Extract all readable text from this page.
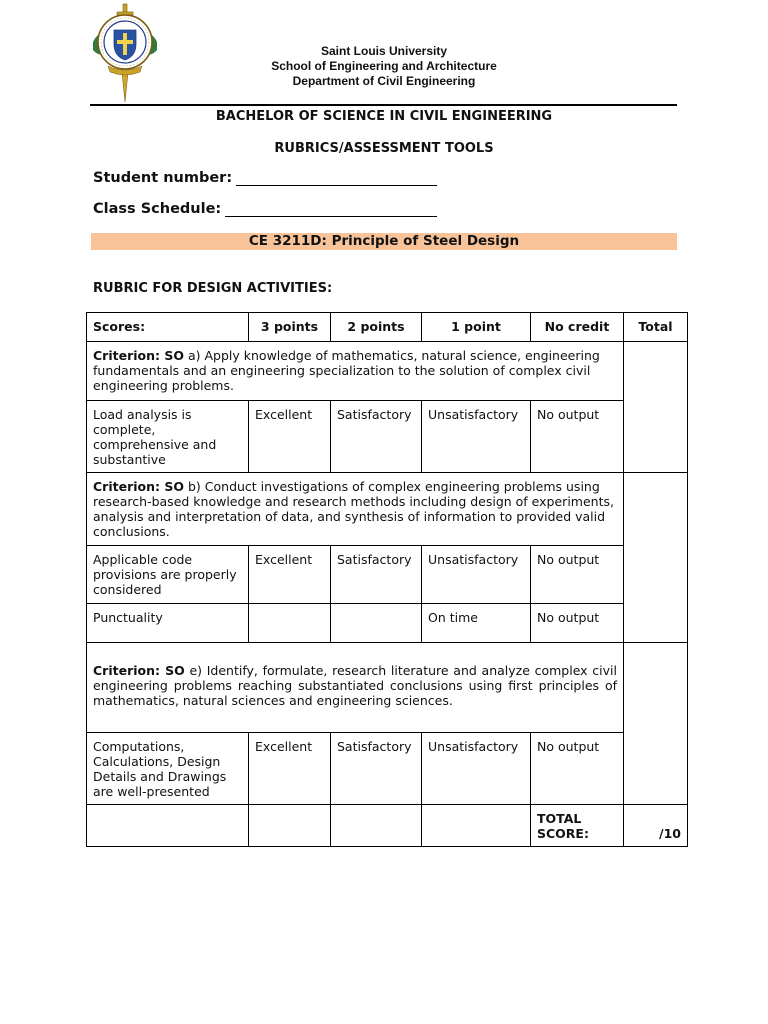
Saint Louis University
School of Engineering and Architecture
Department of Civil Engineering
BACHELOR OF SCIENCE IN CIVIL ENGINEERING
RUBRICS/ASSESSMENT TOOLS
Student number:
Class Schedule:
CE 3211D: Principle of Steel Design
RUBRIC FOR DESIGN ACTIVITIES:
Scores:	3 points	2 points	1 point	No credit	Total
Criterion: SO a) Apply knowledge of mathematics, natural science, engineering fundamentals and an engineering specialization to the solution of complex civil engineering problems.					
Load analysis is complete, comprehensive and substantive	Excellent	Satisfactory	Unsatisfactory	No output	
Criterion: SO b) Conduct investigations of complex engineering problems using research-based knowledge and research methods including design of experiments, analysis and interpretation of data, and synthesis of information to provided valid conclusions.					
Applicable code provisions are properly considered	Excellent	Satisfactory	Unsatisfactory	No output	
Punctuality			On time	No output	
Criterion: SO e) Identify, formulate, research literature and analyze complex civil engineering problems reaching substantiated conclusions using first principles of mathematics, natural sciences and engineering sciences.					
Computations, Calculations, Design Details and Drawings are well-presented	Excellent	Satisfactory	Unsatisfactory	No output	
				TOTAL SCORE:	/10
